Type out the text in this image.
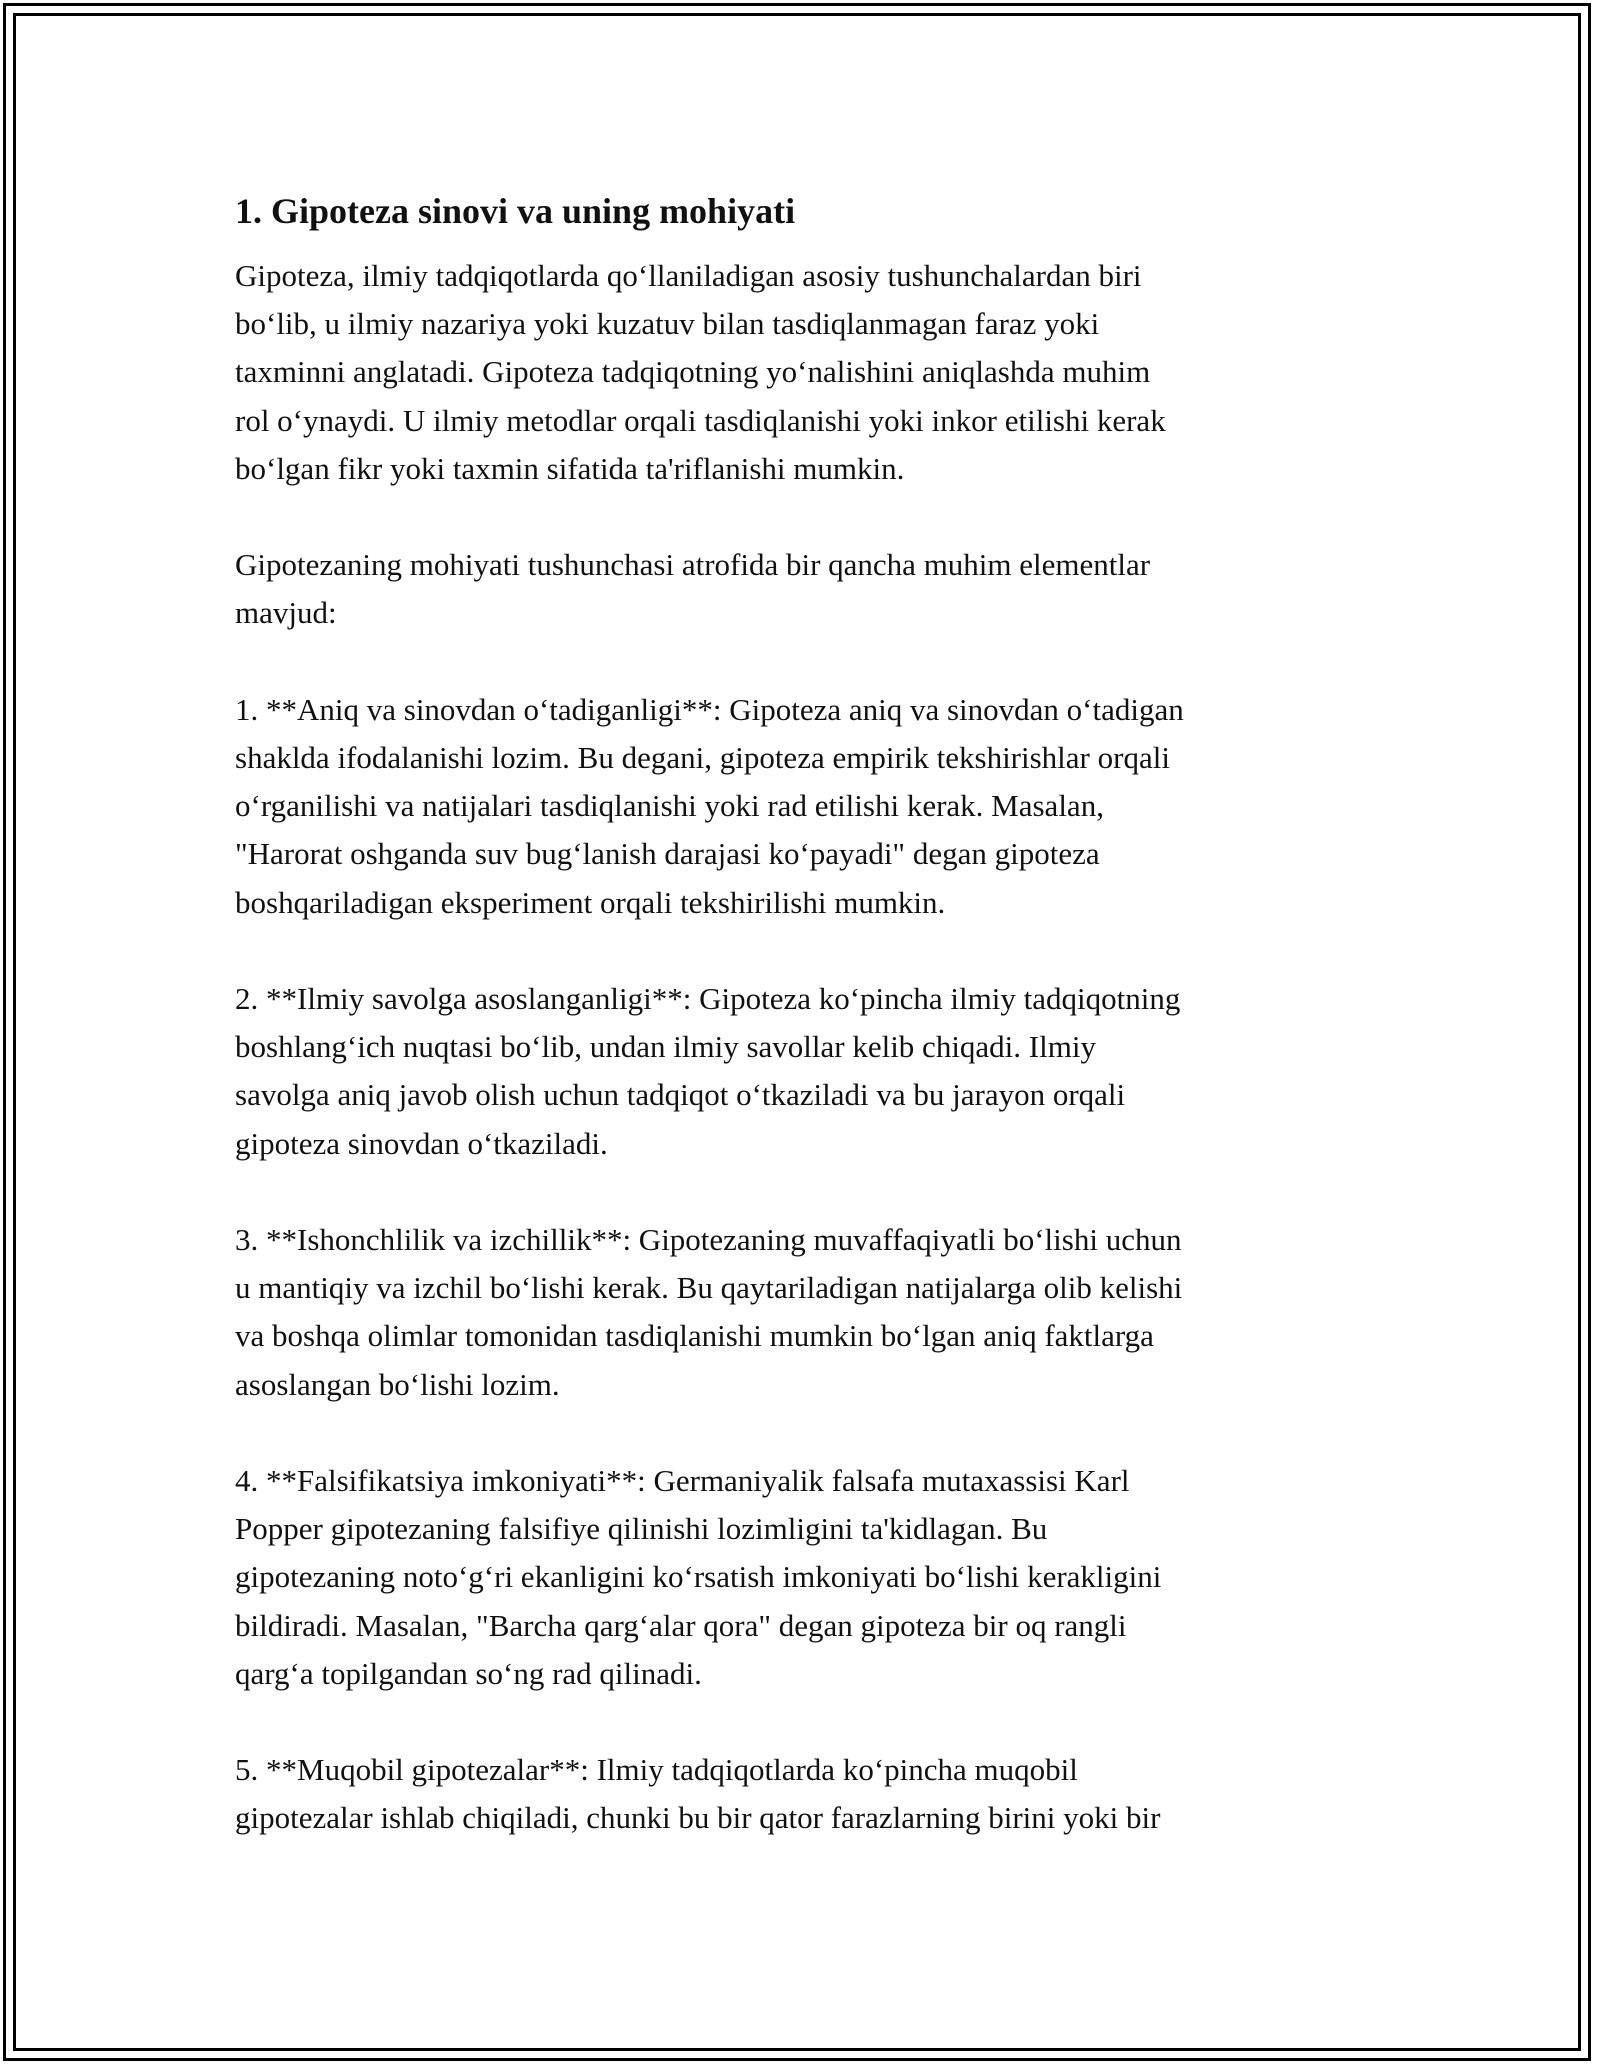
1. Gipoteza sinovi va uning mohiyati

Gipoteza, ilmiy tadqiqotlarda qo‘llaniladigan asosiy tushunchalardan biri
bo‘lib, u ilmiy nazariya yoki kuzatuv bilan tasdiqlanmagan faraz yoki
taxminni anglatadi. Gipoteza tadqiqotning yo‘nalishini aniqlashda muhim
rol o‘ynaydi. U ilmiy metodlar orqali tasdiqlanishi yoki inkor etilishi kerak
bo‘lgan fikr yoki taxmin sifatida ta'riflanishi mumkin.

Gipotezaning mohiyati tushunchasi atrofida bir qancha muhim elementlar
mavjud:

1. **Aniq va sinovdan o‘tadiganligi**: Gipoteza aniq va sinovdan o‘tadigan
shaklda ifodalanishi lozim. Bu degani, gipoteza empirik tekshirishlar orqali
o‘rganilishi va natijalari tasdiqlanishi yoki rad etilishi kerak. Masalan,
"Harorat oshganda suv bug‘lanish darajasi ko‘payadi" degan gipoteza
boshqariladigan eksperiment orqali tekshirilishi mumkin.

2. **Ilmiy savolga asoslanganligi**: Gipoteza ko‘pincha ilmiy tadqiqotning
boshlang‘ich nuqtasi bo‘lib, undan ilmiy savollar kelib chiqadi. Ilmiy
savolga aniq javob olish uchun tadqiqot o‘tkaziladi va bu jarayon orqali
gipoteza sinovdan o‘tkaziladi.

3. **Ishonchlilik va izchillik**: Gipotezaning muvaffaqiyatli bo‘lishi uchun
u mantiqiy va izchil bo‘lishi kerak. Bu qaytariladigan natijalarga olib kelishi
va boshqa olimlar tomonidan tasdiqlanishi mumkin bo‘lgan aniq faktlarga
asoslangan bo‘lishi lozim.

4. **Falsifikatsiya imkoniyati**: Germaniyalik falsafa mutaxassisi Karl
Popper gipotezaning falsifiye qilinishi lozimligini ta'kidlagan. Bu
gipotezaning noto‘g‘ri ekanligini ko‘rsatish imkoniyati bo‘lishi kerakligini
bildiradi. Masalan, "Barcha qarg‘alar qora" degan gipoteza bir oq rangli
qarg‘a topilgandan so‘ng rad qilinadi.

5. **Muqobil gipotezalar**: Ilmiy tadqiqotlarda ko‘pincha muqobil
gipotezalar ishlab chiqiladi, chunki bu bir qator farazlarning birini yoki bir
